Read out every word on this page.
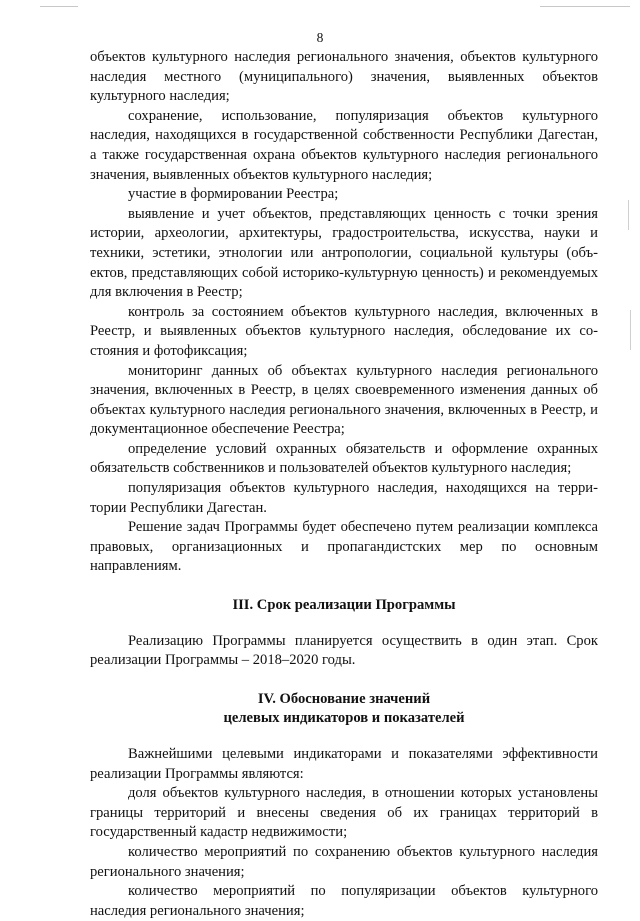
8

объектов культурного наследия регионального значения, объектов культурного наследия местного (муниципального) значения, выявленных объектов культурного наследия;

сохранение, использование, популяризация объектов культурного наследия, находящихся в государственной собственности Республики Дагестан, а также государственная охрана объектов культурного наследия регионального значения, выявленных объектов культурного наследия;

участие в формировании Реестра;

выявление и учет объектов, представляющих ценность с точки зрения истории, археологии, архитектуры, градостроительства, искусства, науки и техники, эстетики, этнологии или антропологии, социальной культуры (объектов, представляющих собой историко-культурную ценность) и рекомендуемых для включения в Реестр;

контроль за состоянием объектов культурного наследия, включенных в Реестр, и выявленных объектов культурного наследия, обследование их состояния и фотофиксация;

мониторинг данных об объектах культурного наследия регионального значения, включенных в Реестр, в целях своевременного изменения данных об объектах культурного наследия регионального значения, включенных в Реестр, и документационное обеспечение Реестра;

определение условий охранных обязательств и оформление охранных обязательств собственников и пользователей объектов культурного наследия;

популяризация объектов культурного наследия, находящихся на территории Республики Дагестан.

Решение задач Программы будет обеспечено путем реализации комплекса правовых, организационных и пропагандистских мер по основным направлениям.

III. Срок реализации Программы

Реализацию Программы планируется осуществить в один этап. Срок реализации Программы – 2018–2020 годы.

IV. Обоснование значений

целевых индикаторов и показателей

Важнейшими целевыми индикаторами и показателями эффективности реализации Программы являются:

доля объектов культурного наследия, в отношении которых установлены границы территорий и внесены сведения об их границах территорий в государственный кадастр недвижимости;

количество мероприятий по сохранению объектов культурного наследия регионального значения;

количество мероприятий по популяризации объектов культурного наследия регионального значения;
